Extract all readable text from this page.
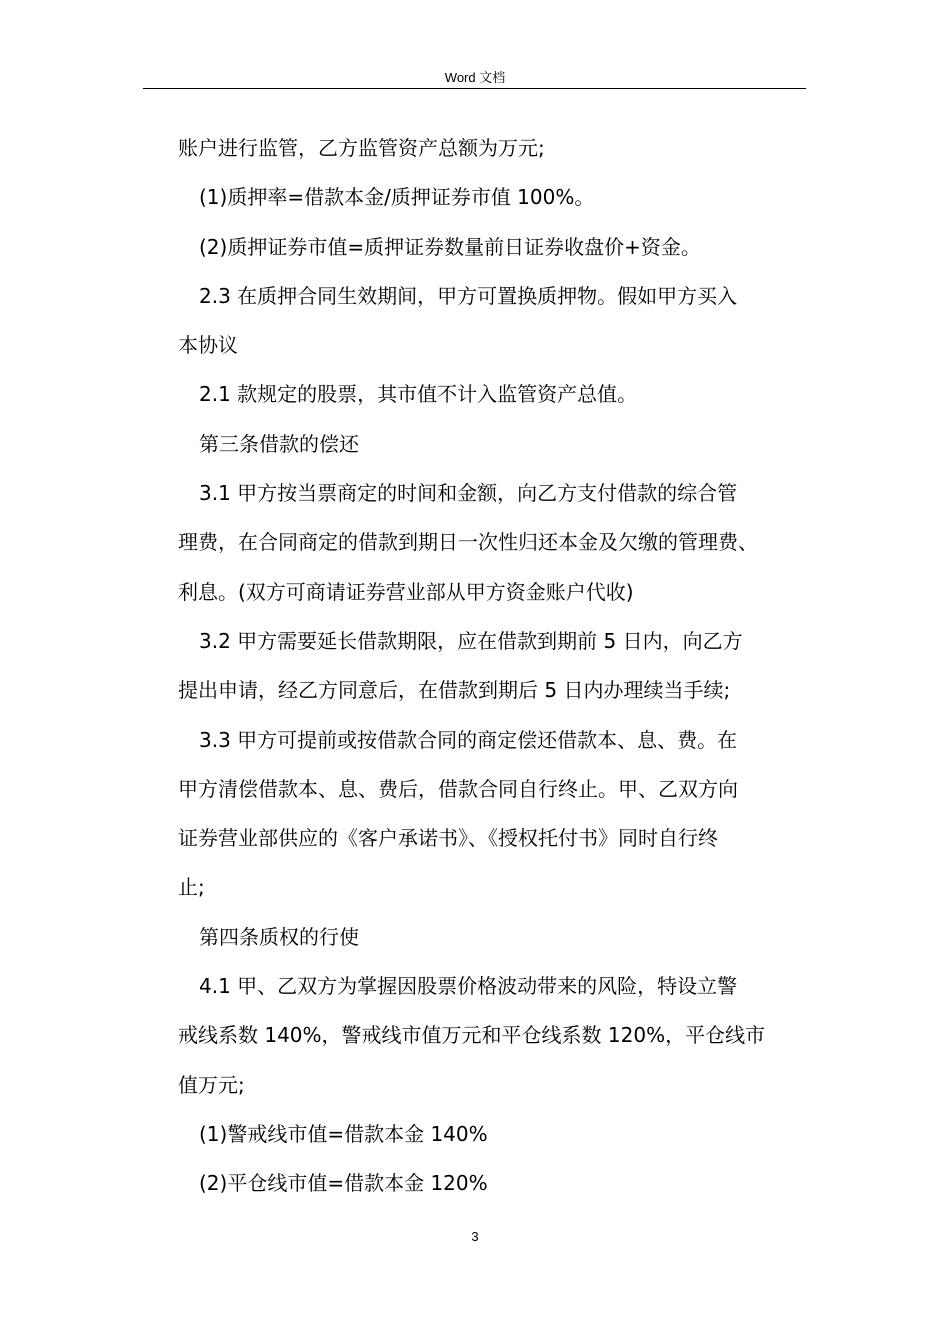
Word 文档
账户进行监管，乙方监管资产总额为万元;
(1)质押率=借款本金/质押证券市值 100%。
(2)质押证券市值=质押证券数量前日证券收盘价+资金。
2.3 在质押合同生效期间，甲方可置换质押物。假如甲方买入
本协议
2.1 款规定的股票，其市值不计入监管资产总值。
第三条借款的偿还
3.1 甲方按当票商定的时间和金额，向乙方支付借款的综合管
理费，在合同商定的借款到期日一次性归还本金及欠缴的管理费、
利息。(双方可商请证券营业部从甲方资金账户代收)
3.2 甲方需要延长借款期限，应在借款到期前 5 日内，向乙方
提出申请，经乙方同意后，在借款到期后 5 日内办理续当手续;
3.3 甲方可提前或按借款合同的商定偿还借款本、息、费。在
甲方清偿借款本、息、费后，借款合同自行终止。甲、乙双方向
证券营业部供应的《客户承诺书》、《授权托付书》同时自行终
止;
第四条质权的行使
4.1 甲、乙双方为掌握因股票价格波动带来的风险，特设立警
戒线系数 140%，警戒线市值万元和平仓线系数 120%，平仓线市
值万元;
(1)警戒线市值=借款本金 140%
(2)平仓线市值=借款本金 120%
3
